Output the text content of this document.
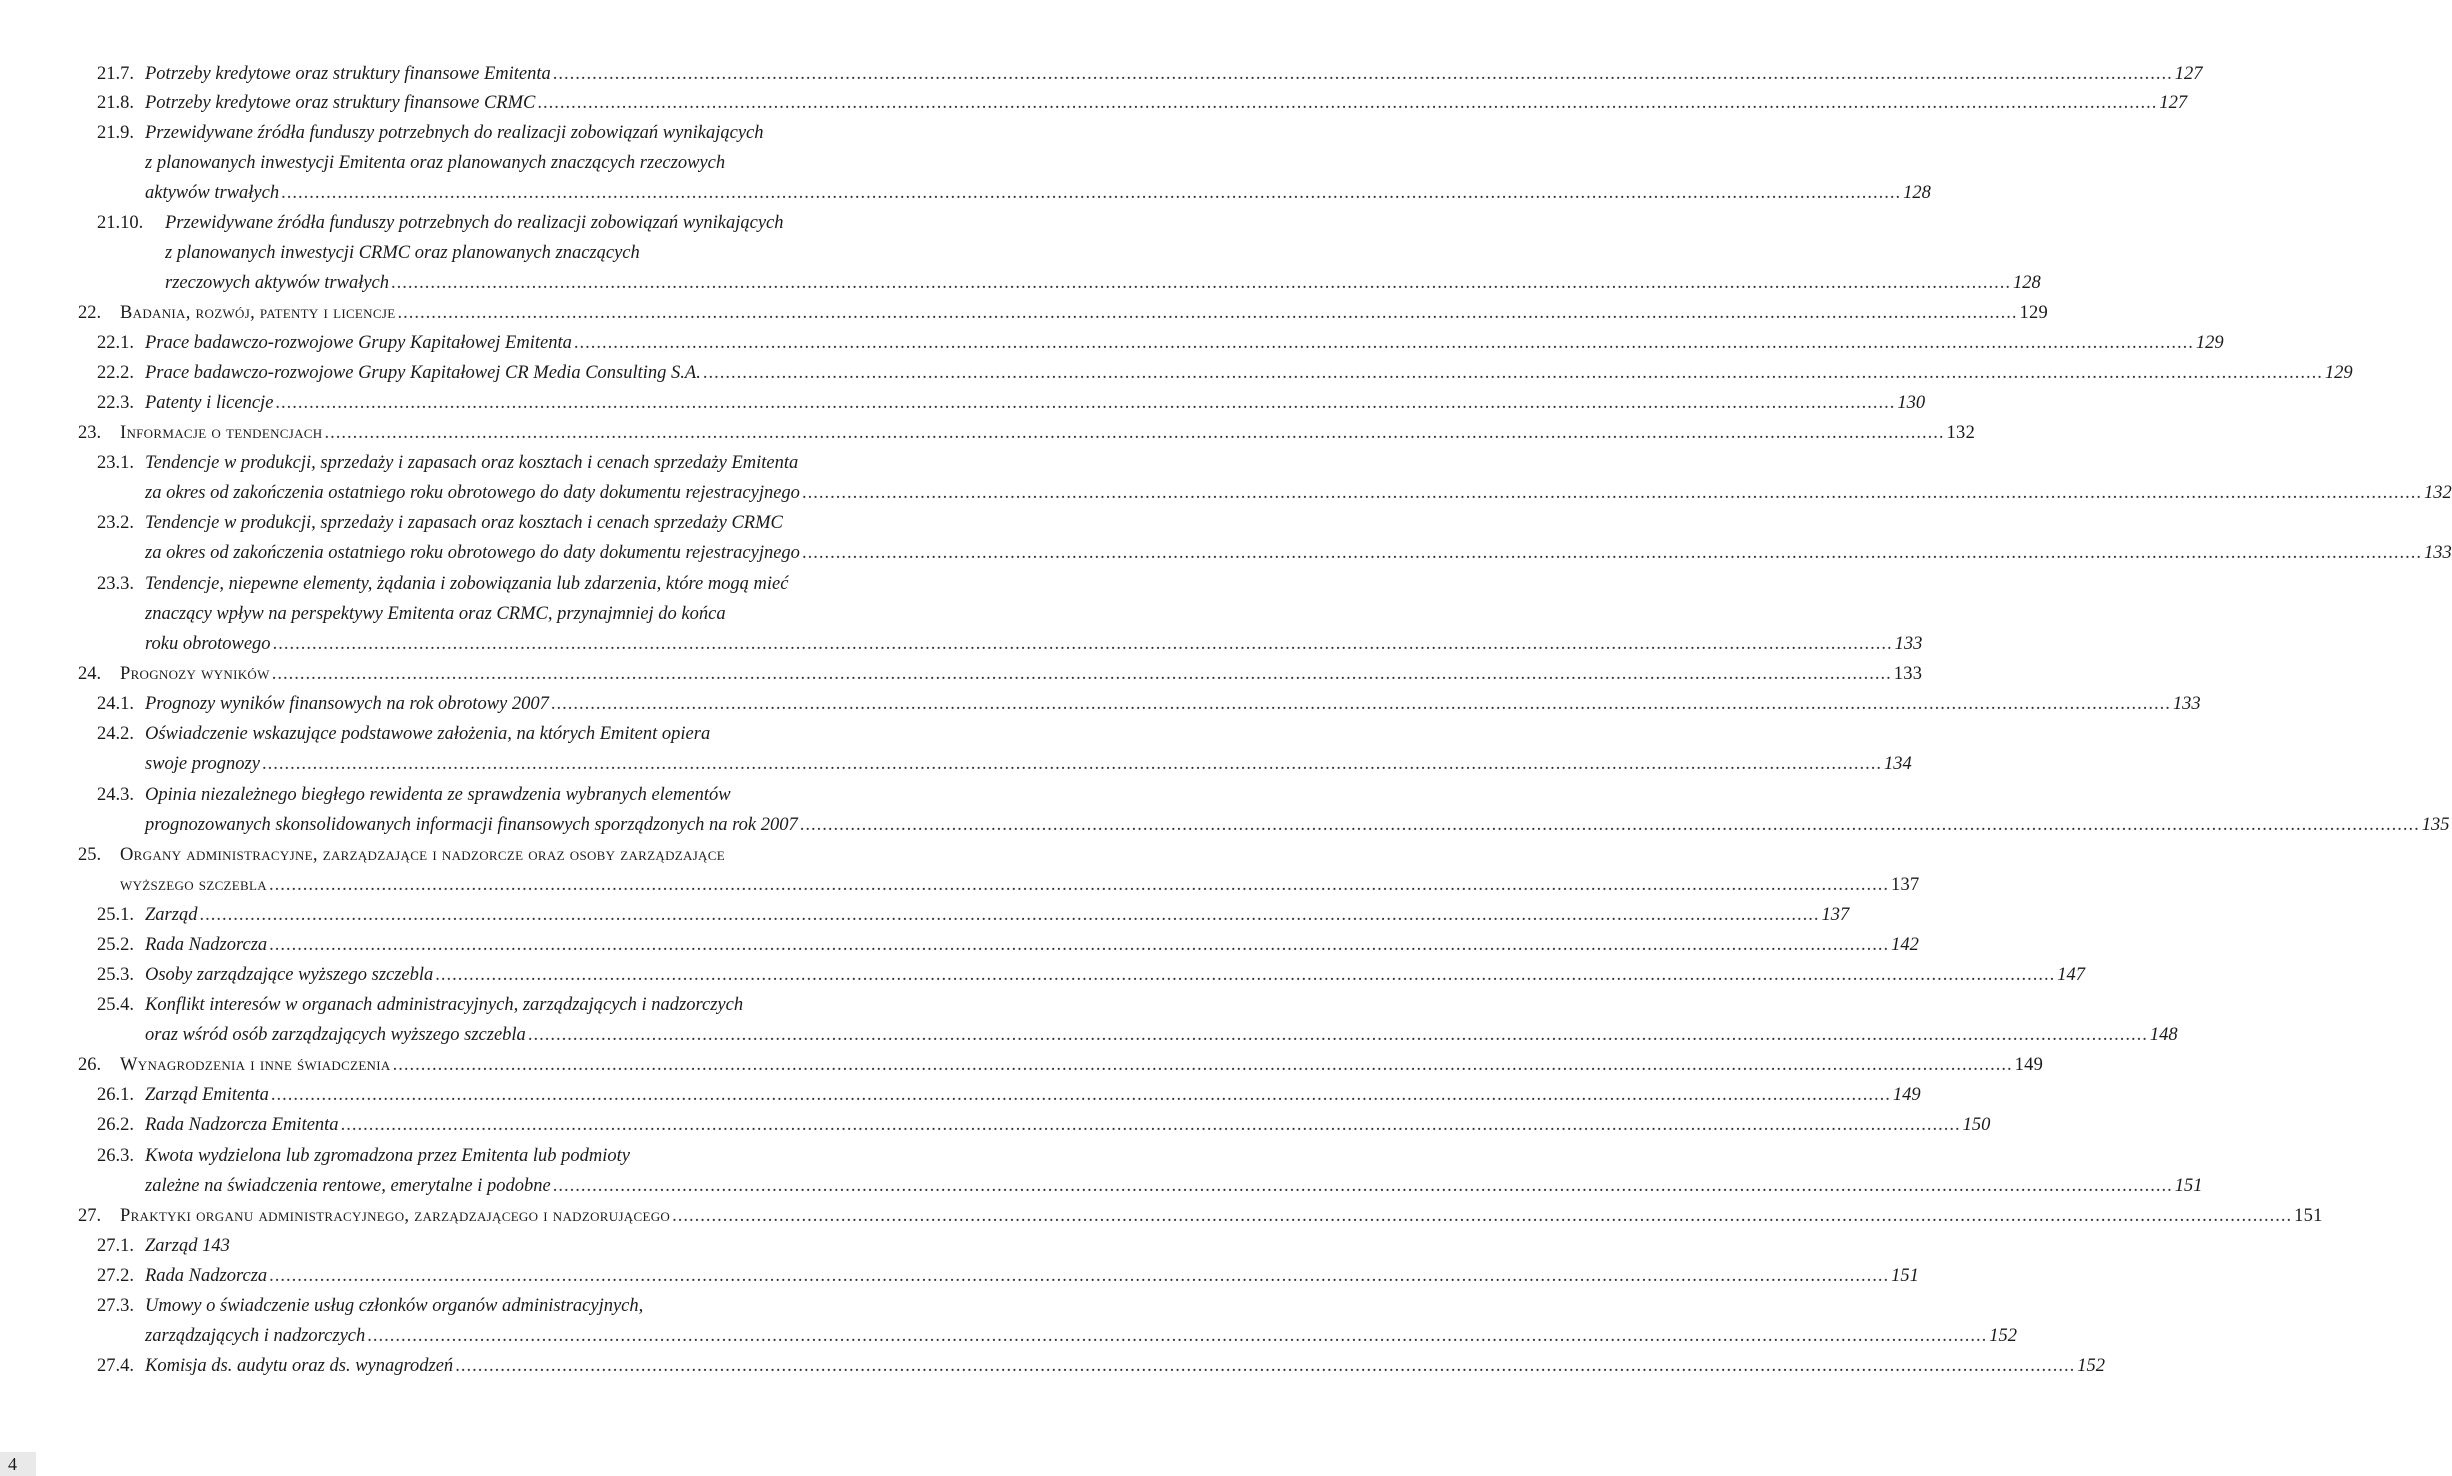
21.7. Potrzeby kredytowe oraz struktury finansowe Emitenta ................................................................................................................................................................................................................................................................................................ 127
21.8. Potrzeby kredytowe oraz struktury finansowe CRMC ................................................................................................................................................................................................................................................................................................ 127
21.9. Przewidywane źródła funduszy potrzebnych do realizacji zobowiązań wynikających
z planowanych inwestycji Emitenta oraz planowanych znaczących rzeczowych
aktywów trwałych ................................................................................................................................................................................................................................................................................................ 128
21.10. Przewidywane źródła funduszy potrzebnych do realizacji zobowiązań wynikających
z planowanych inwestycji CRMC oraz planowanych znaczących
rzeczowych aktywów trwałych ................................................................................................................................................................................................................................................................................................ 128
22. Badania, rozwój, patenty i licencje ................................................................................................................................................................................................................................................................................................ 129
22.1. Prace badawczo-rozwojowe Grupy Kapitałowej Emitenta ................................................................................................................................................................................................................................................................................................ 129
22.2. Prace badawczo-rozwojowe Grupy Kapitałowej CR Media Consulting S.A. ................................................................................................................................................................................................................................................................................................ 129
22.3. Patenty i licencje ................................................................................................................................................................................................................................................................................................ 130
23. Informacje o tendencjach ................................................................................................................................................................................................................................................................................................ 132
23.1. Tendencje w produkcji, sprzedaży i zapasach oraz kosztach i cenach sprzedaży Emitenta
za okres od zakończenia ostatniego roku obrotowego do daty dokumentu rejestracyjnego ................................................................................................................................................................................................................................................................................................ 132
23.2. Tendencje w produkcji, sprzedaży i zapasach oraz kosztach i cenach sprzedaży CRMC
za okres od zakończenia ostatniego roku obrotowego do daty dokumentu rejestracyjnego ................................................................................................................................................................................................................................................................................................ 133
23.3. Tendencje, niepewne elementy, żądania i zobowiązania lub zdarzenia, które mogą mieć
znaczący wpływ na perspektywy Emitenta oraz CRMC, przynajmniej do końca
roku obrotowego ................................................................................................................................................................................................................................................................................................ 133
24. Prognozy wyników ................................................................................................................................................................................................................................................................................................ 133
24.1. Prognozy wyników finansowych na rok obrotowy 2007 ................................................................................................................................................................................................................................................................................................ 133
24.2. Oświadczenie wskazujące podstawowe założenia, na których Emitent opiera
swoje prognozy ................................................................................................................................................................................................................................................................................................ 134
24.3. Opinia niezależnego biegłego rewidenta ze sprawdzenia wybranych elementów
prognozowanych skonsolidowanych informacji finansowych sporządzonych na rok 2007 ................................................................................................................................................................................................................................................................................................ 135
25. Organy administracyjne, zarządzające i nadzorcze oraz osoby zarządzające
wyższego szczebla ................................................................................................................................................................................................................................................................................................ 137
25.1. Zarząd ................................................................................................................................................................................................................................................................................................ 137
25.2. Rada Nadzorcza ................................................................................................................................................................................................................................................................................................ 142
25.3. Osoby zarządzające wyższego szczebla ................................................................................................................................................................................................................................................................................................ 147
25.4. Konflikt interesów w organach administracyjnych, zarządzających i nadzorczych
oraz wśród osób zarządzających wyższego szczebla ................................................................................................................................................................................................................................................................................................ 148
26. Wynagrodzenia i inne świadczenia ................................................................................................................................................................................................................................................................................................ 149
26.1. Zarząd Emitenta ................................................................................................................................................................................................................................................................................................ 149
26.2. Rada Nadzorcza Emitenta ................................................................................................................................................................................................................................................................................................ 150
26.3. Kwota wydzielona lub zgromadzona przez Emitenta lub podmioty
zależne na świadczenia rentowe, emerytalne i podobne ................................................................................................................................................................................................................................................................................................ 151
27. Praktyki organu administracyjnego, zarządzającego i nadzorującego ................................................................................................................................................................................................................................................................................................ 151
27.1. Zarząd 143
27.2. Rada Nadzorcza ................................................................................................................................................................................................................................................................................................ 151
27.3. Umowy o świadczenie usług członków organów administracyjnych,
zarządzających i nadzorczych ................................................................................................................................................................................................................................................................................................ 152
27.4. Komisja ds. audytu oraz ds. wynagrodzeń ................................................................................................................................................................................................................................................................................................ 152
4
